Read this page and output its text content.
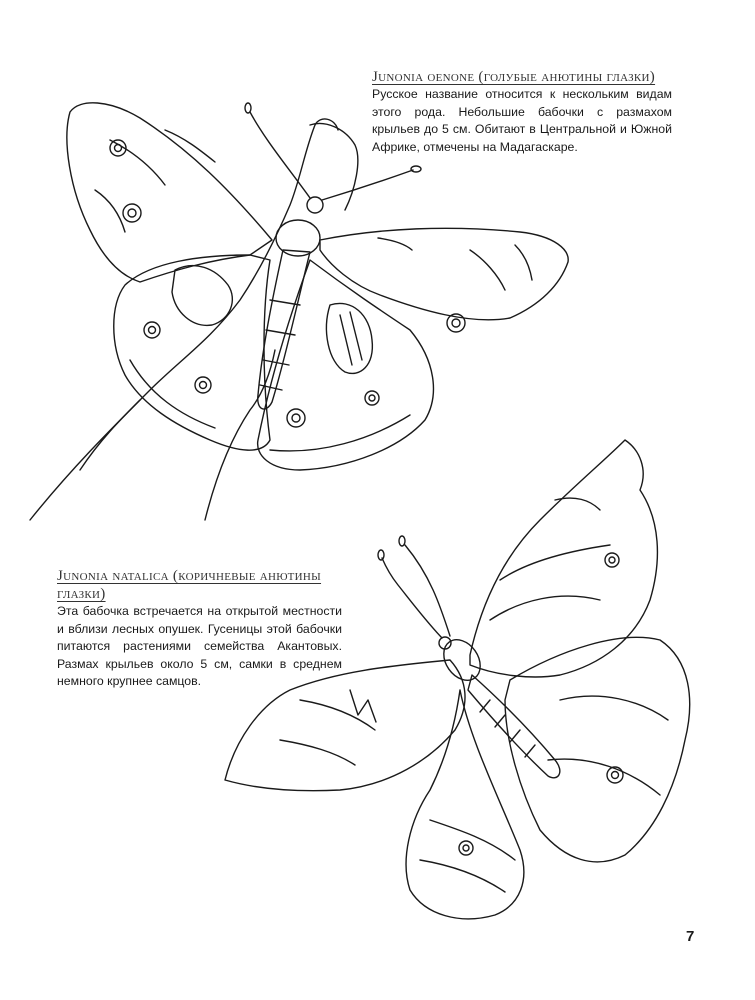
Junonia oenone (голубые анютины глазки)
Русское название относится к нескольким видам этого рода. Небольшие бабочки с размахом крыльев до 5 см. Обитают в Центральной и Южной Африке, отмечены на Мадагаскаре.
Junonia natalica (коричневые анютины глазки)
Эта бабочка встречается на открытой местности и вблизи лесных опушек. Гусеницы этой бабочки питаются растениями семейства Акантовых. Размах крыльев около 5 см, самки в среднем немного крупнее самцов.
7
